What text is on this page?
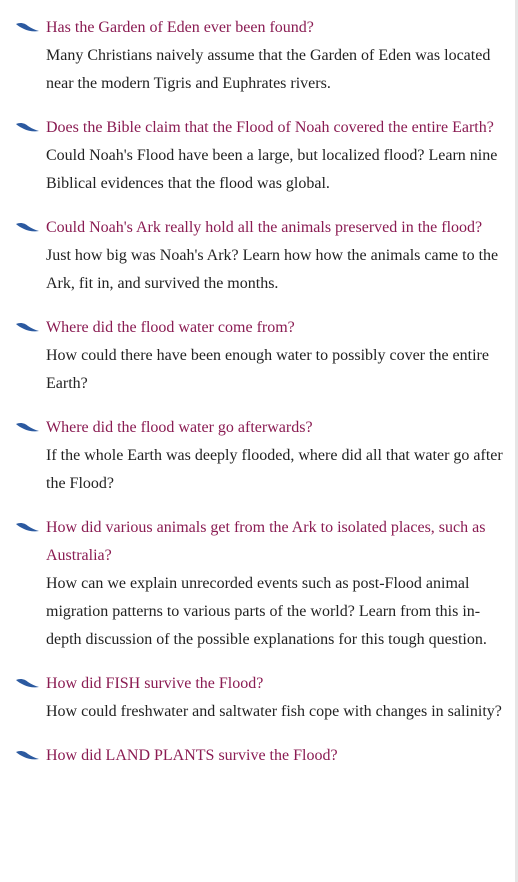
Has the Garden of Eden ever been found?
Many Christians naively assume that the Garden of Eden was located near the modern Tigris and Euphrates rivers.
Does the Bible claim that the Flood of Noah covered the entire Earth?
Could Noah's Flood have been a large, but localized flood? Learn nine Biblical evidences that the flood was global.
Could Noah's Ark really hold all the animals preserved in the flood?
Just how big was Noah's Ark? Learn how how the animals came to the Ark, fit in, and survived the months.
Where did the flood water come from?
How could there have been enough water to possibly cover the entire Earth?
Where did the flood water go afterwards?
If the whole Earth was deeply flooded, where did all that water go after the Flood?
How did various animals get from the Ark to isolated places, such as Australia?
How can we explain unrecorded events such as post-Flood animal migration patterns to various parts of the world? Learn from this in-depth discussion of the possible explanations for this tough question.
How did FISH survive the Flood?
How could freshwater and saltwater fish cope with changes in salinity?
How did LAND PLANTS survive the Flood?
